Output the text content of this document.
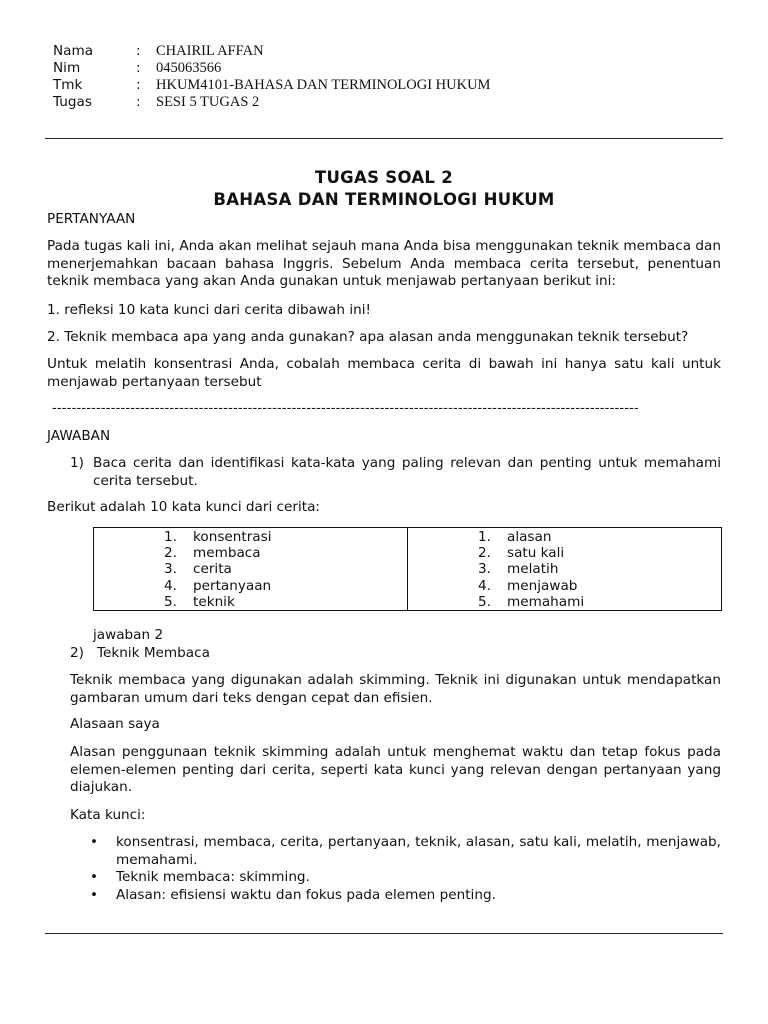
Nama	: CHAIRIL AFFAN
Nim	: 045063566
Tmk	: HKUM4101-BAHASA DAN TERMINOLOGI HUKUM
Tugas	: SESI 5 TUGAS 2
TUGAS SOAL 2
BAHASA DAN TERMINOLOGI HUKUM
PERTANYAAN
Pada tugas kali ini, Anda akan melihat sejauh mana Anda bisa menggunakan teknik membaca dan menerjemahkan bacaan bahasa Inggris. Sebelum Anda membaca cerita tersebut, penentuan teknik membaca yang akan Anda gunakan untuk menjawab pertanyaan berikut ini:
1. refleksi 10 kata kunci dari cerita dibawah ini!
2. Teknik membaca apa yang anda gunakan? apa alasan anda menggunakan teknik tersebut?
Untuk melatih konsentrasi Anda, cobalah membaca cerita di bawah ini hanya satu kali untuk menjawab pertanyaan tersebut
------------------------------------------------------------------------------------------------------------------------
JAWABAN
1) Baca cerita dan identifikasi kata-kata yang paling relevan dan penting untuk memahami cerita tersebut.
Berikut adalah 10 kata kunci dari cerita:
1. konsentrasi
2. membaca
3. cerita
4. pertanyaan
5. teknik

1. alasan
2. satu kali
3. melatih
4. menjawab
5. memahami
jawaban 2
2) Teknik Membaca
Teknik membaca yang digunakan adalah skimming. Teknik ini digunakan untuk mendapatkan gambaran umum dari teks dengan cepat dan efisien.
Alasaan saya
Alasan penggunaan teknik skimming adalah untuk menghemat waktu dan tetap fokus pada elemen-elemen penting dari cerita, seperti kata kunci yang relevan dengan pertanyaan yang diajukan.
Kata kunci:
• konsentrasi, membaca, cerita, pertanyaan, teknik, alasan, satu kali, melatih, menjawab, memahami.
• Teknik membaca: skimming.
• Alasan: efisiensi waktu dan fokus pada elemen penting.
